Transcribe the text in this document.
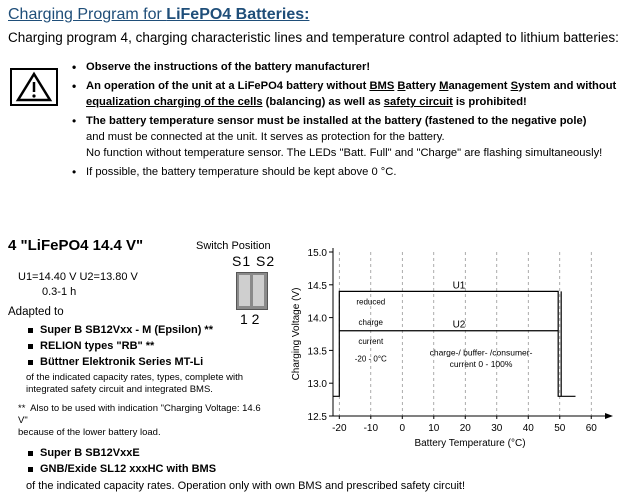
Charging Program for LiFePO4 Batteries:
Charging program 4, charging characteristic lines and temperature control adapted to lithium batteries:
• Observe the instructions of the battery manufacturer!
• An operation of the unit at a LiFePO4 battery without BMS Battery Management System and without equalization charging of the cells (balancing) as well as safety circuit is prohibited!
• The battery temperature sensor must be installed at the battery (fastened to the negative pole)
and must be connected at the unit. It serves as protection for the battery.
No function without temperature sensor. The LEDs "Batt. Full" and "Charge" are flashing simultaneously!
• If possible, the battery temperature should be kept above 0 °C.
4 "LiFePO4 14.4 V"	Switch Position
S1 S2
1 2
U1=14.40 V U2=13.80 V
0.3-1 h
Adapted to
Super B SB12Vxx - M (Epsilon) **
RELION types "RB" **
Büttner Elektronik Series MT-Li
of the indicated capacity rates, types, complete with integrated safety circuit and integrated BMS.
** Also to be used with indication "Charging Voltage: 14.6 V"
because of the lower battery load.
Super B SB12VxxE
GNB/Exide SL12 xxxHC with BMS
of the indicated capacity rates. Operation only with own BMS and prescribed safety circuit!
-20 -10 0 10 20 30 40 50 60
12.5
13.0
13.5
14.0
14.5
15.0
Battery Temperature (°C)
Charging Voltage (V)
U1
U2
reduced
charge
current
-20 - 0°C
charge-/ buffer- /consumer-
current 0 - 100%
